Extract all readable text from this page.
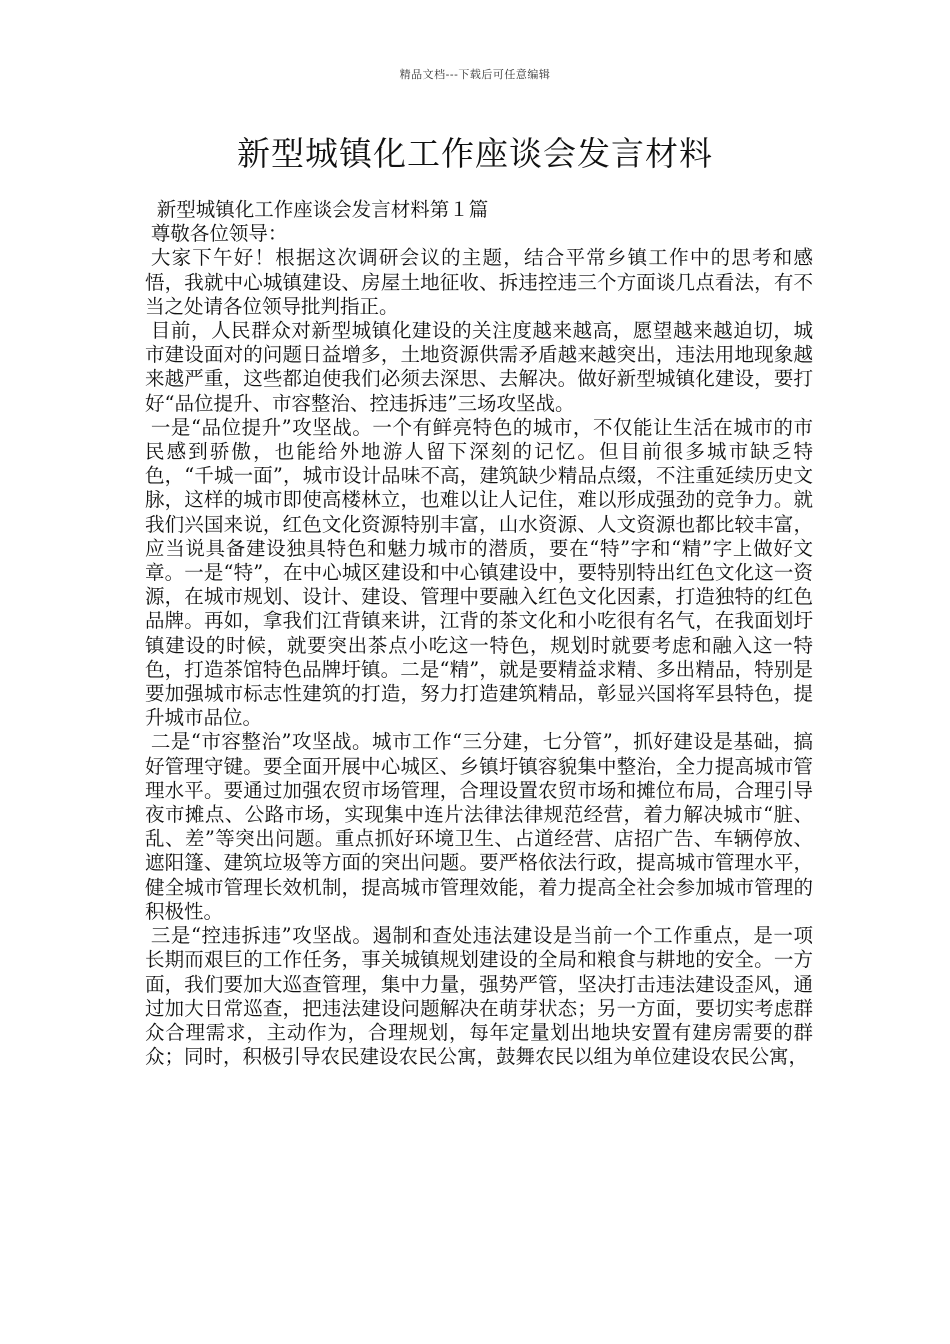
精品文档---下载后可任意编辑
新型城镇化工作座谈会发言材料

新型城镇化工作座谈会发言材料第１篇

尊敬各位领导：

大家下午好！根据这次调研会议的主题，结合平常乡镇工作中的思考和感悟，我就中心城镇建设、房屋土地征收、拆违控违三个方面谈几点看法，有不当之处请各位领导批判指正。

目前，人民群众对新型城镇化建设的关注度越来越高，愿望越来越迫切，城市建设面对的问题日益增多，土地资源供需矛盾越来越突出，违法用地现象越来越严重，这些都迫使我们必须去深思、去解决。做好新型城镇化建设，要打好“品位提升、市容整治、控违拆违”三场攻坚战。

一是“品位提升”攻坚战。一个有鲜亮特色的城市，不仅能让生活在城市的市民感到骄傲，也能给外地游人留下深刻的记忆。但目前很多城市缺乏特色，“千城一面”，城市设计品味不高，建筑缺少精品点缀，不注重延续历史文脉，这样的城市即使高楼林立，也难以让人记住，难以形成强劲的竞争力。就我们兴国来说，红色文化资源特别丰富，山水资源、人文资源也都比较丰富，应当说具备建设独具特色和魅力城市的潜质，要在“特”字和“精”字上做好文章。一是“特”，在中心城区建设和中心镇建设中，要特别特出红色文化这一资源，在城市规划、设计、建设、管理中要融入红色文化因素，打造独特的红色品牌。再如，拿我们江背镇来讲，江背的茶文化和小吃很有名气，在我面划圩镇建设的时候，就要突出茶点小吃这一特色，规划时就要考虑和融入这一特色，打造茶馆特色品牌圩镇。二是“精”，就是要精益求精、多出精品，特别是要加强城市标志性建筑的打造，努力打造建筑精品，彰显兴国将军县特色，提升城市品位。

二是“市容整治”攻坚战。城市工作“三分建，七分管”，抓好建设是基础，搞好管理守键。要全面开展中心城区、乡镇圩镇容貌集中整治，全力提高城市管理水平。要通过加强农贸市场管理，合理设置农贸市场和摊位布局，合理引导夜市摊点、公路市场，实现集中连片法律法律规范经营，着力解决城市“脏、乱、差”等突出问题。重点抓好环境卫生、占道经营、店招广告、车辆停放、遮阳篷、建筑垃圾等方面的突出问题。要严格依法行政，提高城市管理水平，健全城市管理长效机制，提高城市管理效能，着力提高全社会参加城市管理的积极性。

三是“控违拆违”攻坚战。遏制和查处违法建设是当前一个工作重点，是一项长期而艰巨的工作任务，事关城镇规划建设的全局和粮食与耕地的安全。一方面，我们要加大巡查管理，集中力量，强势严管，坚决打击违法建设歪风，通过加大日常巡查，把违法建设问题解决在萌芽状态；另一方面，要切实考虑群众合理需求，主动作为，合理规划，每年定量划出地块安置有建房需要的群众；同时，积极引导农民建设农民公寓，鼓舞农民以组为单位建设农民公寓，
